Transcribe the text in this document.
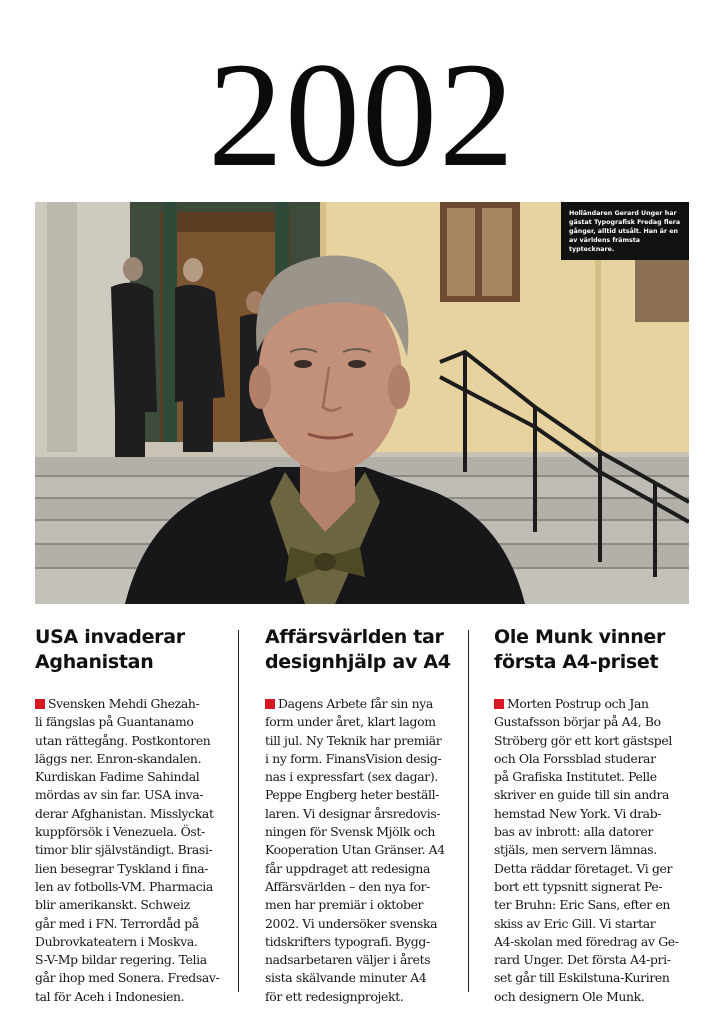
2002
Holländaren Gerard Unger har gästat Typografisk Fredag flera gånger, alltid utsålt. Han är en av världens främsta typtecknare.
USA invaderar
Aghanistan

Svensken Mehdi Ghezah-
li fängslas på Guantanamo
utan rättegång. Postkontoren
läggs ner. Enron-skandalen.
Kurdiskan Fadime Sahindal
mördas av sin far. USA inva-
derar Afghanistan. Misslyckat
kuppförsök i Venezuela. Öst-
timor blir självständigt. Brasi-
lien besegrar Tyskland i fina-
len av fotbolls-VM. Pharmacia
blir amerikanskt. Schweiz
går med i FN. Terrordåd på
Dubrovkateatern i Moskva.
S-V-Mp bildar regering. Telia
går ihop med Sonera. Fredsav-
tal för Aceh i Indonesien.

Affärsvärlden tar
designhjälp av A4

Dagens Arbete får sin nya
form under året, klart lagom
till jul. Ny Teknik har premiär
i ny form. FinansVision desig-
nas i expressfart (sex dagar).
Peppe Engberg heter beställ-
laren. Vi designar årsredovis-
ningen för Svensk Mjölk och
Kooperation Utan Gränser. A4
får uppdraget att redesigna
Affärsvärlden – den nya for-
men har premiär i oktober
2002. Vi undersöker svenska
tidskrifters typografi. Bygg-
nadsarbetaren väljer i årets
sista skälvande minuter A4
för ett redesignprojekt.

Ole Munk vinner
första A4-priset

Morten Postrup och Jan
Gustafsson börjar på A4, Bo
Ströberg gör ett kort gästspel
och Ola Forssblad studerar
på Grafiska Institutet. Pelle
skriver en guide till sin andra
hemstad New York. Vi drab-
bas av inbrott: alla datorer
stjäls, men servern lämnas.
Detta räddar företaget. Vi ger
bort ett typsnitt signerat Pe-
ter Bruhn: Eric Sans, efter en
skiss av Eric Gill. Vi startar
A4-skolan med föredrag av Ge-
rard Unger. Det första A4-pri-
set går till Eskilstuna-Kuriren
och designern Ole Munk.
